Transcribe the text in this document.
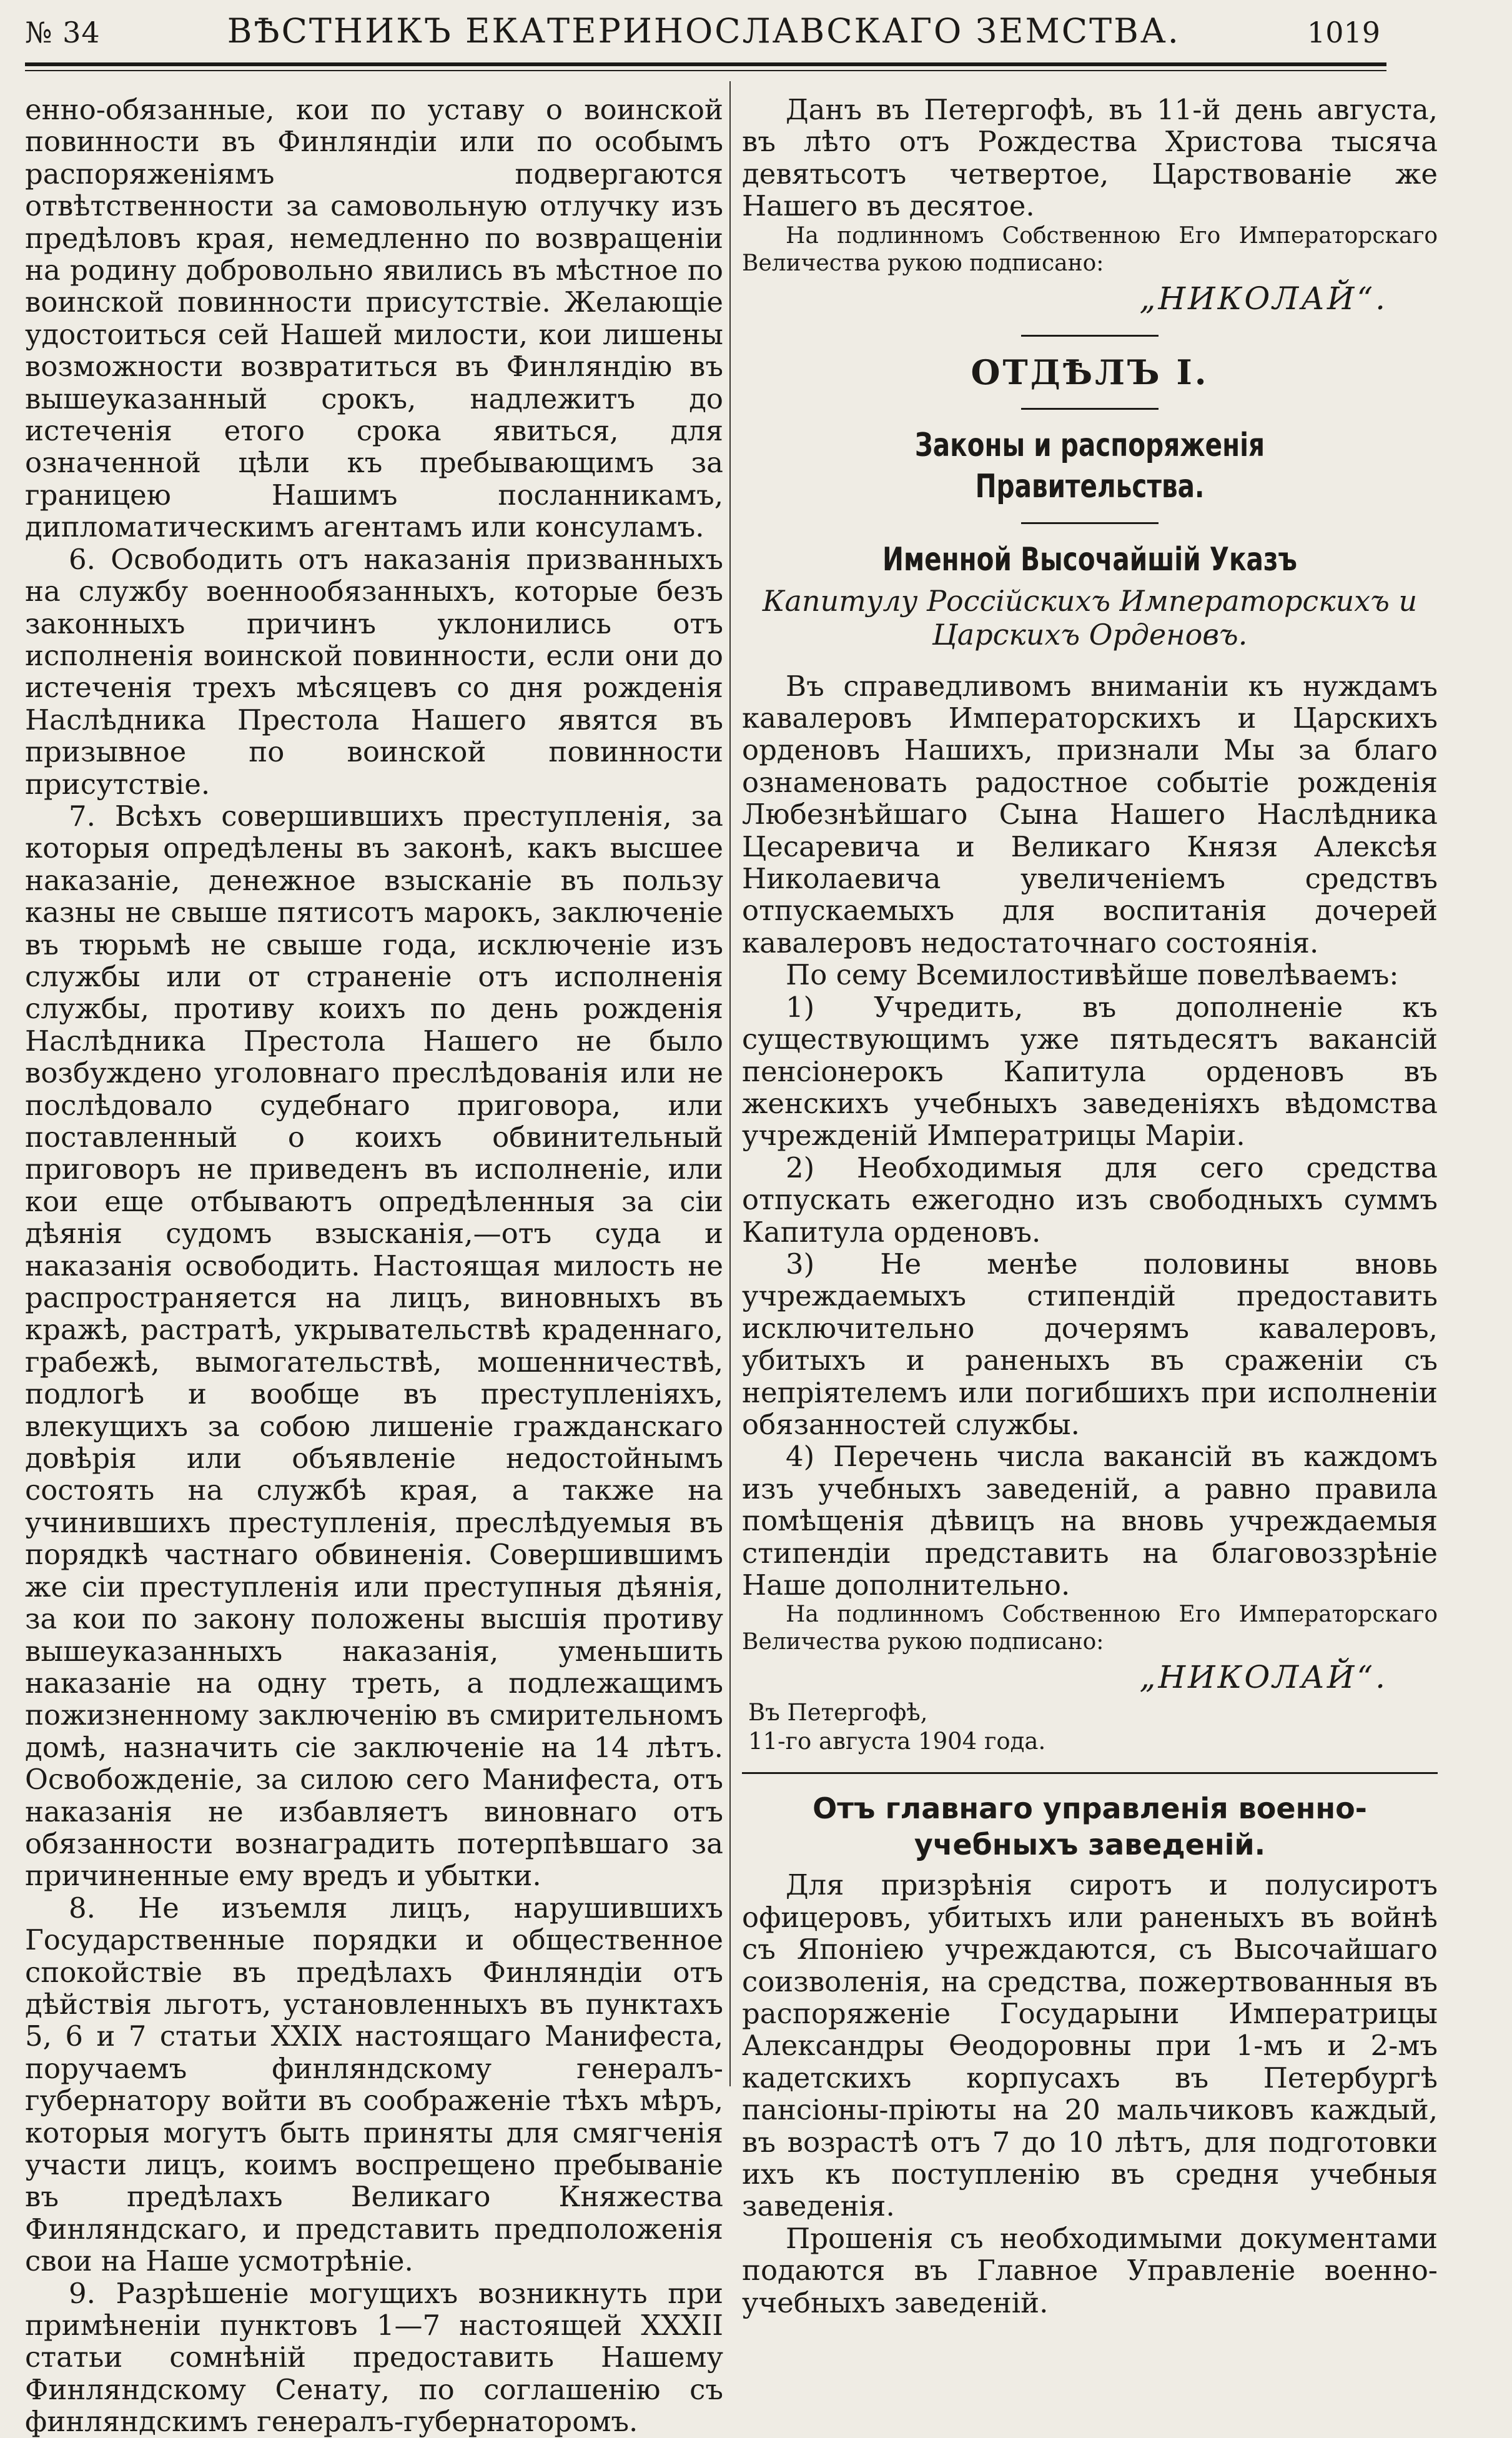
№ 34	ВѢСТНИКЪ ЕКАТЕРИНОСЛАВСКАГО ЗЕМСТВА.	1019

енно-обязанные, кои по уставу о воинской повинности въ Финляндіи или по особымъ распоряженіямъ подвергаются отвѣтственности за самовольную отлучку изъ предѣловъ края, немедленно по возвращеніи на родину добровольно явились въ мѣстное по воинской повинности присутствіе. Желающіе удостоиться сей Нашей милости, кои лишены возможности возвратиться въ Финляндію въ вышеуказанный срокъ, надлежитъ до истеченія етого срока явиться, для означенной цѣли къ пребывающимъ за границею Нашимъ посланникамъ, дипломатическимъ агентамъ или консуламъ.

6. Освободить отъ наказанія призванныхъ на службу военнообязанныхъ, которые безъ законныхъ причинъ уклонились отъ исполненія воинской повинности, если они до истеченія трехъ мѣсяцевъ со дня рожденія Наслѣдника Престола Нашего явятся въ призывное по воинской повинности присутствіе.

7. Всѣхъ совершившихъ преступленія, за которыя опредѣлены въ законѣ, какъ высшее наказаніе, денежное взысканіе въ пользу казны не свыше пятисотъ марокъ, заключеніе въ тюрьмѣ не свыше года, исключеніе изъ службы или от страненіе отъ исполненія службы, противу коихъ по день рожденія Наслѣдника Престола Нашего не было возбуждено уголовнаго преслѣдованія или не послѣдовало судебнаго приговора, или поставленный о коихъ обвинительный приговоръ не приведенъ въ исполненіе, или кои еще отбываютъ опредѣленныя за сіи дѣянія судомъ взысканія,—отъ суда и наказанія освободить. Настоящая милость не распространяется на лицъ, виновныхъ въ кражѣ, растратѣ, укрывательствѣ краденнаго, грабежѣ, вымогательствѣ, мошенничествѣ, подлогѣ и вообще въ преступленіяхъ, влекущихъ за собою лишеніе гражданскаго довѣрія или объявленіе недостойнымъ состоять на службѣ края, а также на учинившихъ преступленія, преслѣдуемыя въ порядкѣ частнаго обвиненія. Совершившимъ же сіи преступленія или преступныя дѣянія, за кои по закону положены высшія противу вышеуказанныхъ наказанія, уменьшить наказаніе на одну треть, а подлежащимъ пожизненному заключенію въ смирительномъ домѣ, назначить сіе заключеніе на 14 лѣтъ. Освобожденіе, за силою сего Манифеста, отъ наказанія не избавляетъ виновнаго отъ обязанности вознаградить потерпѣвшаго за причиненные ему вредъ и убытки.

8. Не изъемля лицъ, нарушившихъ Государственные порядки и общественное спокойствіе въ предѣлахъ Финляндіи отъ дѣйствія льготъ, установленныхъ въ пунктахъ 5, 6 и 7 статьи XXIX настоящаго Манифеста, поручаемъ финляндскому генералъ-губернатору войти въ соображеніе тѣхъ мѣръ, которыя могутъ быть приняты для смягченія участи лицъ, коимъ воспрещено пребываніе въ предѣлахъ Великаго Княжества Финляндскаго, и представить предположенія свои на Наше усмотрѣніе.

9. Разрѣшеніе могущихъ возникнуть при примѣненіи пунктовъ 1—7 настоящей XXXII статьи сомнѣній предоставить Нашему Финляндскому Сенату, по соглашенію съ финляндскимъ генералъ-губернаторомъ.

Данъ въ Петергофѣ, въ 11-й день августа, въ лѣто отъ Рождества Христова тысяча девятьсотъ четвертое, Царствованіе же Нашего въ десятое.

На подлинномъ Собственною Его Императорскаго Величества рукою подписано:

„НИКОЛАЙ“.

ОТДѢЛЪ I.

Законы и распоряженія Правительства.

Именной Высочайшій Указъ

Капитулу Россійскихъ Императорскихъ и Царскихъ Орденовъ.

Въ справедливомъ вниманіи къ нуждамъ кавалеровъ Императорскихъ и Царскихъ орденовъ Нашихъ, признали Мы за благо ознаменовать радостное событіе рожденія Любезнѣйшаго Сына Нашего Наслѣдника Цесаревича и Великаго Князя Алексѣя Николаевича увеличеніемъ средствъ отпускаемыхъ для воспитанія дочерей кавалеровъ недостаточнаго состоянія.

По сему Всемилостивѣйше повелѣваемъ:

1) Учредить, въ дополненіе къ существующимъ уже пятьдесятъ вакансій пенсіонерокъ Капитула орденовъ въ женскихъ учебныхъ заведеніяхъ вѣдомства учрежденій Императрицы Маріи.

2) Необходимыя для сего средства отпускать ежегодно изъ свободныхъ суммъ Капитула орденовъ.

3) Не менѣе половины вновь учреждаемыхъ стипендій предоставить исключительно дочерямъ кавалеровъ, убитыхъ и раненыхъ въ сраженіи съ непріятелемъ или погибшихъ при исполненіи обязанностей службы.

4) Перечень числа вакансій въ каждомъ изъ учебныхъ заведеній, а равно правила помѣщенія дѣвицъ на вновь учреждаемыя стипендіи представить на благовоззрѣніе Наше дополнительно.

На подлинномъ Собственною Его Императорскаго Величества рукою подписано:

„НИКОЛАЙ“.

Въ Петергофѣ,

11-го августа 1904 года.

Отъ главнаго управленія военно-учебныхъ заведеній.

Для призрѣнія сиротъ и полусиротъ офицеровъ, убитыхъ или раненыхъ въ войнѣ съ Японіею учреждаются, съ Высочайшаго соизволенія, на средства, пожертвованныя въ распоряженіе Государыни Императрицы Александры Ѳеодоровны при 1-мъ и 2-мъ кадетскихъ корпусахъ въ Петербургѣ пансіоны-пріюты на 20 мальчиковъ каждый, въ возрастѣ отъ 7 до 10 лѣтъ, для подготовки ихъ къ поступленію въ средня учебныя заведенія.

Прошенія съ необходимыми документами подаются въ Главное Управленіе военно-учебныхъ заведеній.
